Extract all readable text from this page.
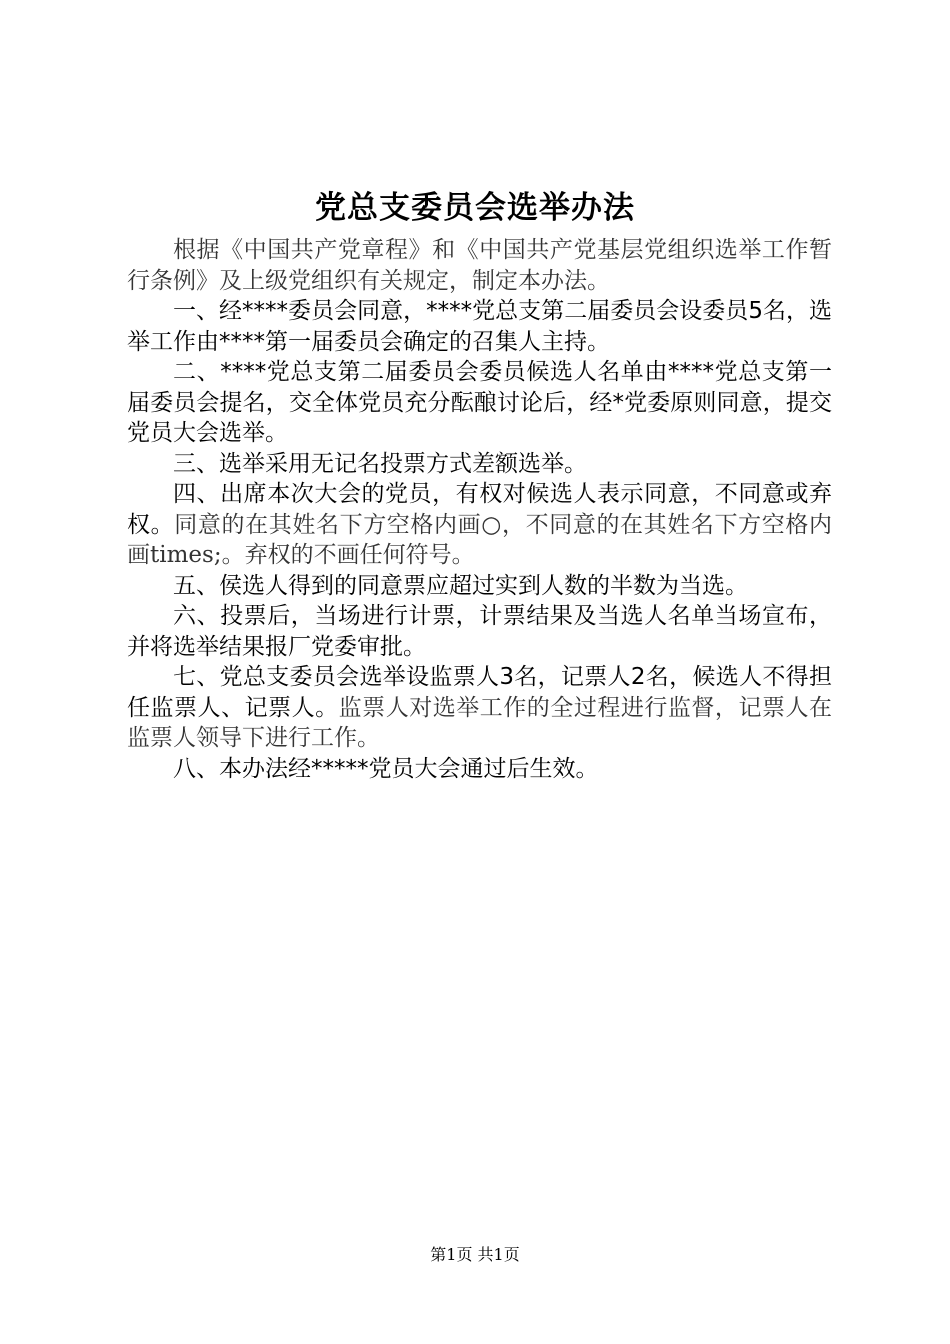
党总支委员会选举办法

根据《中国共产党章程》和《中国共产党基层党组织选举工作暂行条例》及上级党组织有关规定，制定本办法。

一、经****委员会同意，****党总支第二届委员会设委员5名，选举工作由****第一届委员会确定的召集人主持。

二、****党总支第二届委员会委员候选人名单由****党总支第一届委员会提名，交全体党员充分酝酿讨论后，经*党委原则同意，提交党员大会选举。

三、选举采用无记名投票方式差额选举。

四、出席本次大会的党员，有权对候选人表示同意，不同意或弃权。同意的在其姓名下方空格内画○，不同意的在其姓名下方空格内画times;。弃权的不画任何符号。

五、侯选人得到的同意票应超过实到人数的半数为当选。

六、投票后，当场进行计票，计票结果及当选人名单当场宣布，并将选举结果报厂党委审批。

七、党总支委员会选举设监票人3名，记票人2名，候选人不得担任监票人、记票人。监票人对选举工作的全过程进行监督，记票人在监票人领导下进行工作。

八、本办法经*****党员大会通过后生效。

第1页 共1页
